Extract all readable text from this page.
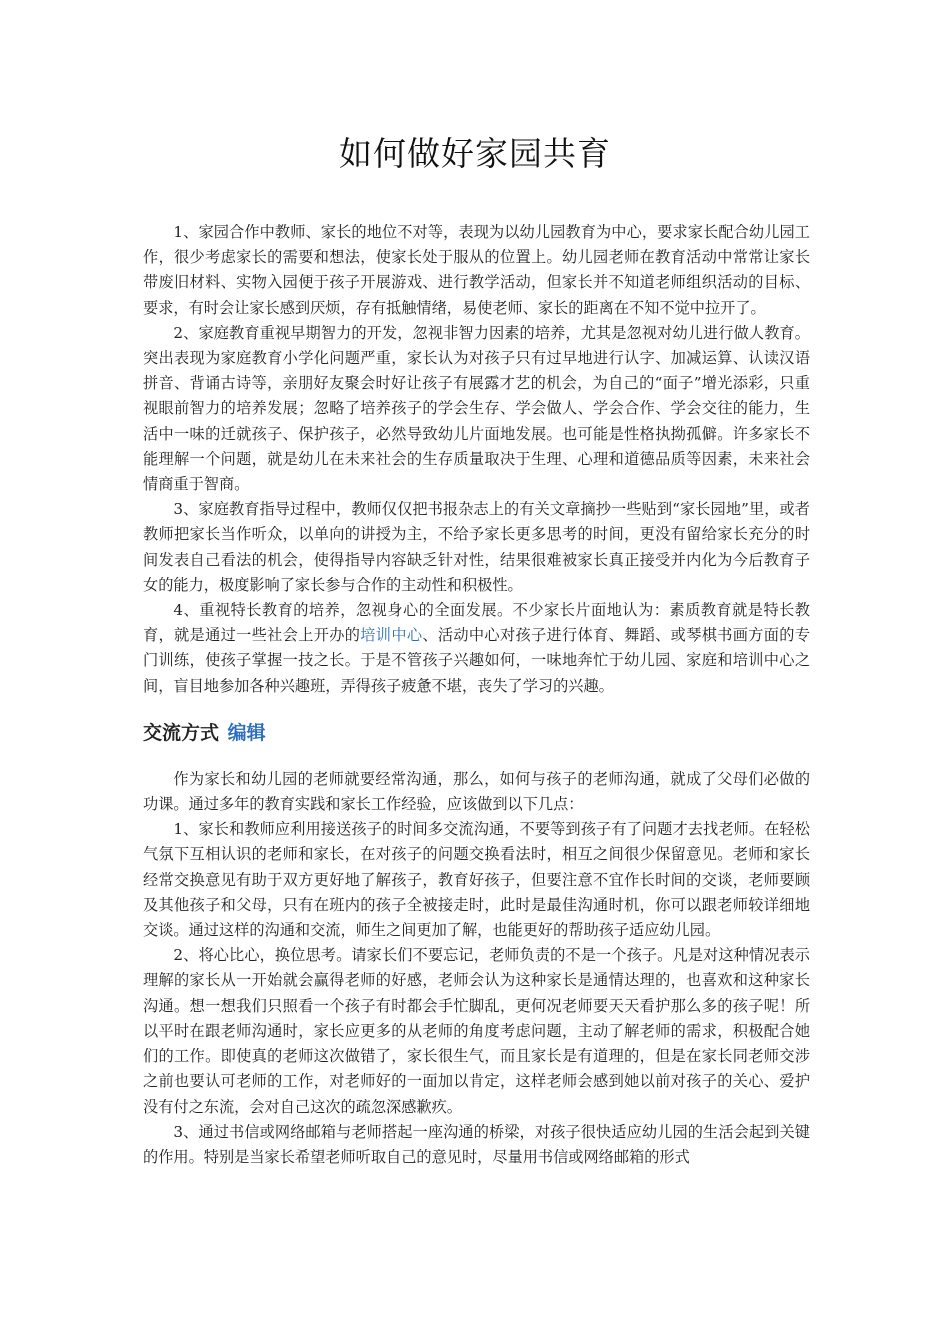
如何做好家园共育

1、家园合作中教师、家长的地位不对等，表现为以幼儿园教育为中心，要求家长配合幼儿园工作，很少考虑家长的需要和想法，使家长处于服从的位置上。幼儿园老师在教育活动中常常让家长带废旧材料、实物入园便于孩子开展游戏、进行教学活动，但家长并不知道老师组织活动的目标、要求，有时会让家长感到厌烦，存有抵触情绪，易使老师、家长的距离在不知不觉中拉开了。

2、家庭教育重视早期智力的开发，忽视非智力因素的培养，尤其是忽视对幼儿进行做人教育。突出表现为家庭教育小学化问题严重，家长认为对孩子只有过早地进行认字、加减运算、认读汉语拼音、背诵古诗等，亲朋好友聚会时好让孩子有展露才艺的机会，为自己的“面子”增光添彩，只重视眼前智力的培养发展；忽略了培养孩子的学会生存、学会做人、学会合作、学会交往的能力，生活中一味的迁就孩子、保护孩子，必然导致幼儿片面地发展。也可能是性格执拗孤僻。许多家长不能理解一个问题，就是幼儿在未来社会的生存质量取决于生理、心理和道德品质等因素，未来社会情商重于智商。

3、家庭教育指导过程中，教师仅仅把书报杂志上的有关文章摘抄一些贴到“家长园地”里，或者教师把家长当作听众，以单向的讲授为主，不给予家长更多思考的时间，更没有留给家长充分的时间发表自己看法的机会，使得指导内容缺乏针对性，结果很难被家长真正接受并内化为今后教育子女的能力，极度影响了家长参与合作的主动性和积极性。

4、重视特长教育的培养，忽视身心的全面发展。不少家长片面地认为：素质教育就是特长教育，就是通过一些社会上开办的培训中心、活动中心对孩子进行体育、舞蹈、或琴棋书画方面的专门训练，使孩子掌握一技之长。于是不管孩子兴趣如何，一味地奔忙于幼儿园、家庭和培训中心之间，盲目地参加各种兴趣班，弄得孩子疲惫不堪，丧失了学习的兴趣。

交流方式 编辑

作为家长和幼儿园的老师就要经常沟通，那么，如何与孩子的老师沟通，就成了父母们必做的功课。通过多年的教育实践和家长工作经验，应该做到以下几点：

1、家长和教师应利用接送孩子的时间多交流沟通，不要等到孩子有了问题才去找老师。在轻松气氛下互相认识的老师和家长，在对孩子的问题交换看法时，相互之间很少保留意见。老师和家长经常交换意见有助于双方更好地了解孩子，教育好孩子，但要注意不宜作长时间的交谈，老师要顾及其他孩子和父母，只有在班内的孩子全被接走时，此时是最佳沟通时机，你可以跟老师较详细地交谈。通过这样的沟通和交流，师生之间更加了解，也能更好的帮助孩子适应幼儿园。

2、将心比心，换位思考。请家长们不要忘记，老师负责的不是一个孩子。凡是对这种情况表示理解的家长从一开始就会赢得老师的好感，老师会认为这种家长是通情达理的，也喜欢和这种家长沟通。想一想我们只照看一个孩子有时都会手忙脚乱，更何况老师要天天看护那么多的孩子呢！所以平时在跟老师沟通时，家长应更多的从老师的角度考虑问题，主动了解老师的需求，积极配合她们的工作。即使真的老师这次做错了，家长很生气，而且家长是有道理的，但是在家长同老师交涉之前也要认可老师的工作，对老师好的一面加以肯定，这样老师会感到她以前对孩子的关心、爱护没有付之东流，会对自己这次的疏忽深感歉疚。

3、通过书信或网络邮箱与老师搭起一座沟通的桥梁，对孩子很快适应幼儿园的生活会起到关键的作用。特别是当家长希望老师听取自己的意见时，尽量用书信或网络邮箱的形式
